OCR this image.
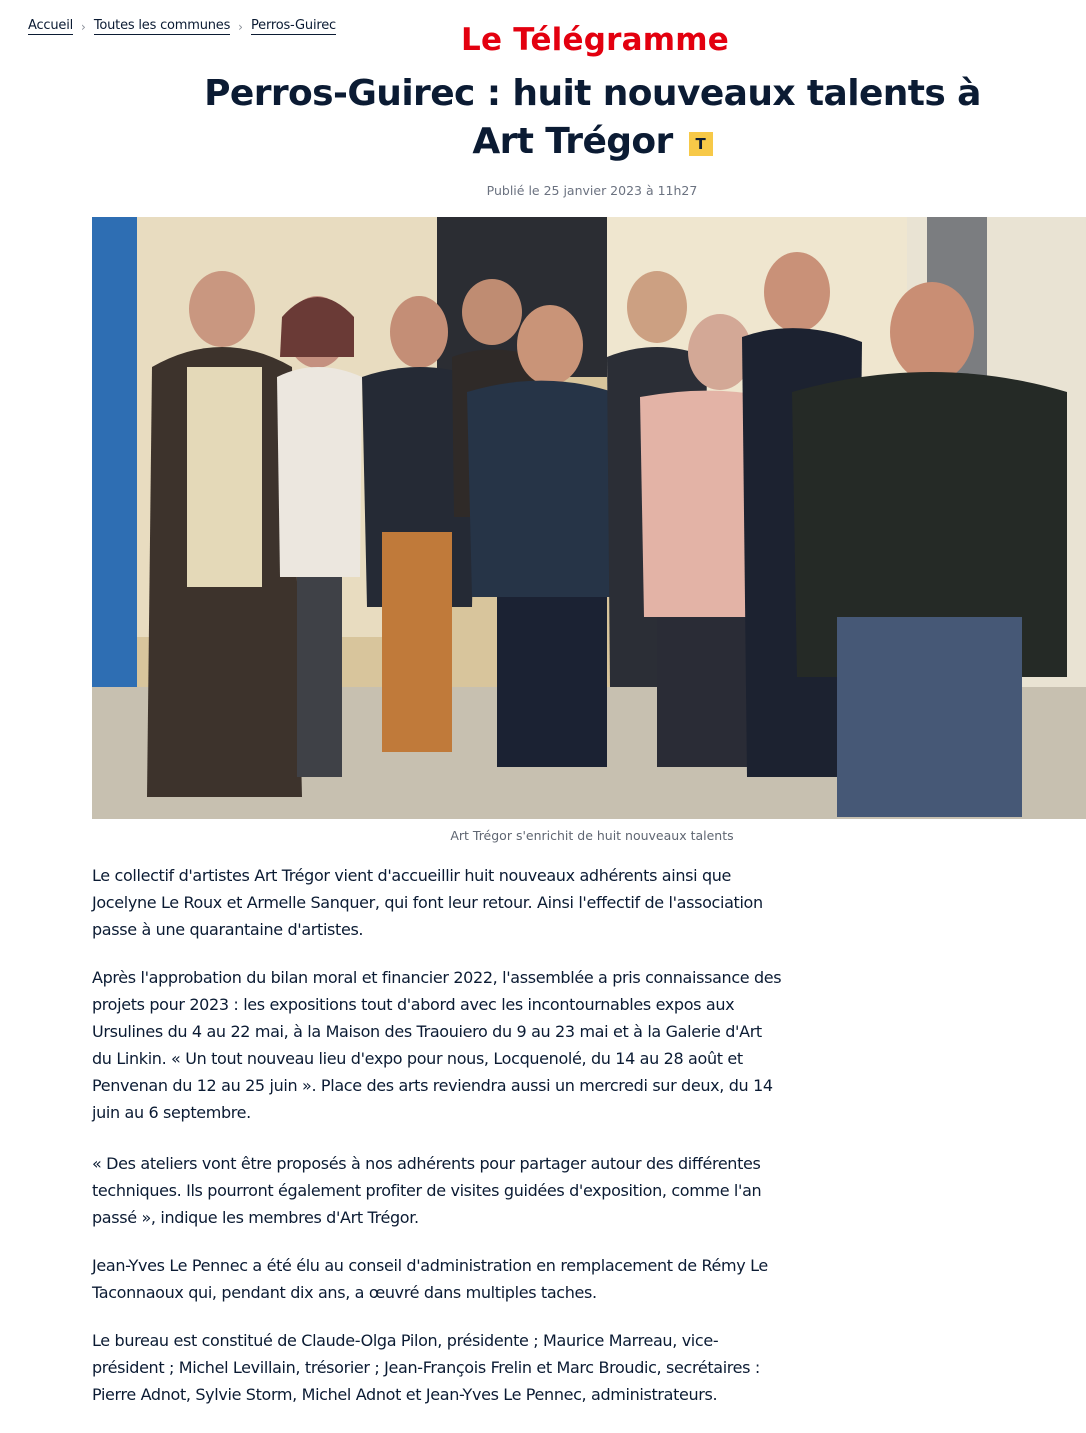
Accueil › Toutes les communes › Perros-Guirec	Le Télégramme
Perros-Guirec : huit nouveaux talents à Art Trégor T
Publié le 25 janvier 2023 à 11h27
Art Trégor s'enrichit de huit nouveaux talents

Le collectif d'artistes Art Trégor vient d'accueillir huit nouveaux adhérents ainsi que Jocelyne Le Roux et Armelle Sanquer, qui font leur retour. Ainsi l'effectif de l'association passe à une quarantaine d'artistes.

Après l'approbation du bilan moral et financier 2022, l'assemblée a pris connaissance des projets pour 2023 : les expositions tout d'abord avec les incontournables expos aux Ursulines du 4 au 22 mai, à la Maison des Traouiero du 9 au 23 mai et à la Galerie d'Art du Linkin. « Un tout nouveau lieu d'expo pour nous, Locquenolé, du 14 au 28 août et Penvenan du 12 au 25 juin ». Place des arts reviendra aussi un mercredi sur deux, du 14 juin au 6 septembre.

« Des ateliers vont être proposés à nos adhérents pour partager autour des différentes techniques. Ils pourront également profiter de visites guidées d'exposition, comme l'an passé », indique les membres d'Art Trégor.

Jean-Yves Le Pennec a été élu au conseil d'administration en remplacement de Rémy Le Taconnaoux qui, pendant dix ans, a œuvré dans multiples taches.

Le bureau est constitué de Claude-Olga Pilon, présidente ; Maurice Marreau, vice-président ; Michel Levillain, trésorier ; Jean-François Frelin et Marc Broudic, secrétaires : Pierre Adnot, Sylvie Storm, Michel Adnot et Jean-Yves Le Pennec, administrateurs.
